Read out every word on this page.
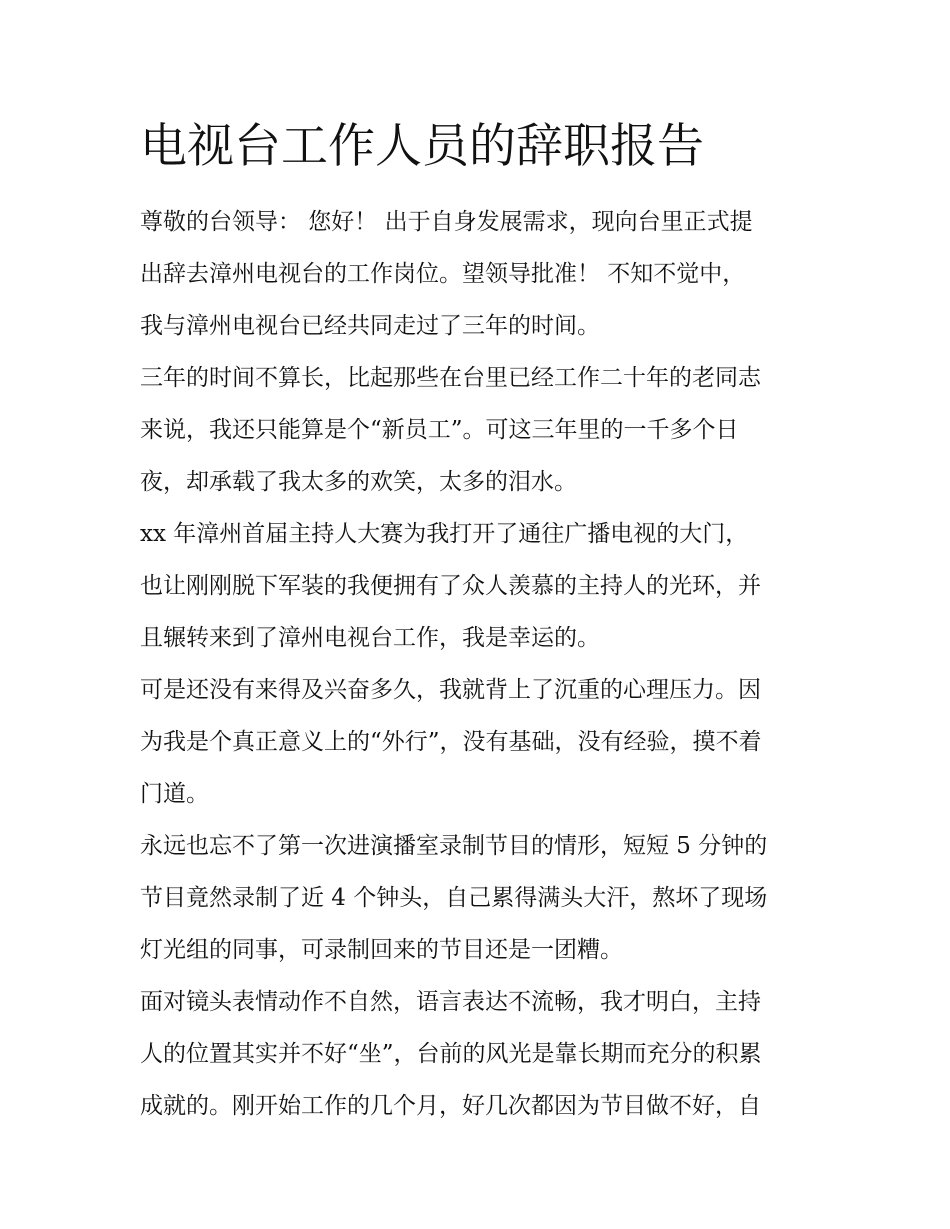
电视台工作人员的辞职报告

尊敬的台领导： 您好！ 出于自身发展需求，现向台里正式提
出辞去漳州电视台的工作岗位。望领导批准！ 不知不觉中，
我与漳州电视台已经共同走过了三年的时间。

三年的时间不算长，比起那些在台里已经工作二十年的老同志
来说，我还只能算是个“新员工”。可这三年里的一千多个日
夜，却承载了我太多的欢笑，太多的泪水。

xx 年漳州首届主持人大赛为我打开了通往广播电视的大门，
也让刚刚脱下军装的我便拥有了众人羡慕的主持人的光环，并
且辗转来到了漳州电视台工作，我是幸运的。

可是还没有来得及兴奋多久，我就背上了沉重的心理压力。因
为我是个真正意义上的“外行”，没有基础，没有经验，摸不着
门道。

永远也忘不了第一次进演播室录制节目的情形，短短 5 分钟的
节目竟然录制了近 4 个钟头，自己累得满头大汗，熬坏了现场
灯光组的同事，可录制回来的节目还是一团糟。

面对镜头表情动作不自然，语言表达不流畅，我才明白，主持
人的位置其实并不好“坐”，台前的风光是靠长期而充分的积累
成就的。刚开始工作的几个月，好几次都因为节目做不好，自
